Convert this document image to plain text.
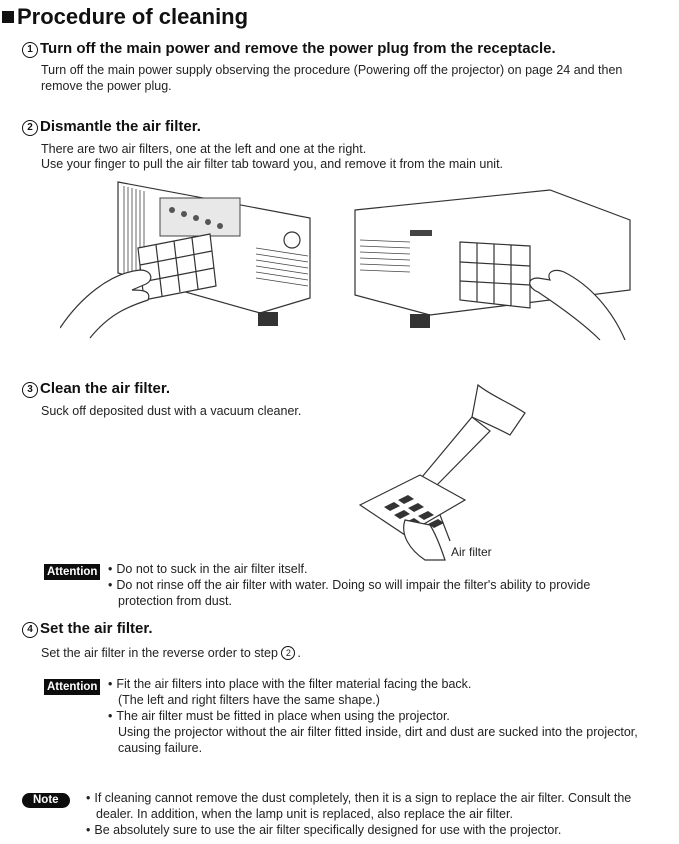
Procedure of cleaning
1 Turn off the main power and remove the power plug from the receptacle.
Turn off the main power supply observing the procedure (Powering off the projector) on page 24 and then
remove the power plug.
2 Dismantle the air filter.
There are two air filters, one at the left and one at the right.
Use your finger to pull the air filter tab toward you, and remove it from the main unit.
3 Clean the air filter.
Suck off deposited dust with a vacuum cleaner.
Air filter
Attention	• Do not to suck in the air filter itself.
• Do not rinse off the air filter with water. Doing so will impair the filter's ability to provide
protection from dust.
4 Set the air filter.
Set the air filter in the reverse order to step 2 .
Attention	• Fit the air filters into place with the filter material facing the back.
(The left and right filters have the same shape.)
• The air filter must be fitted in place when using the projector.
Using the projector without the air filter fitted inside, dirt and dust are sucked into the projector,
causing failure.
Note	• If cleaning cannot remove the dust completely, then it is a sign to replace the air filter. Consult the
dealer. In addition, when the lamp unit is replaced, also replace the air filter.
• Be absolutely sure to use the air filter specifically designed for use with the projector.
